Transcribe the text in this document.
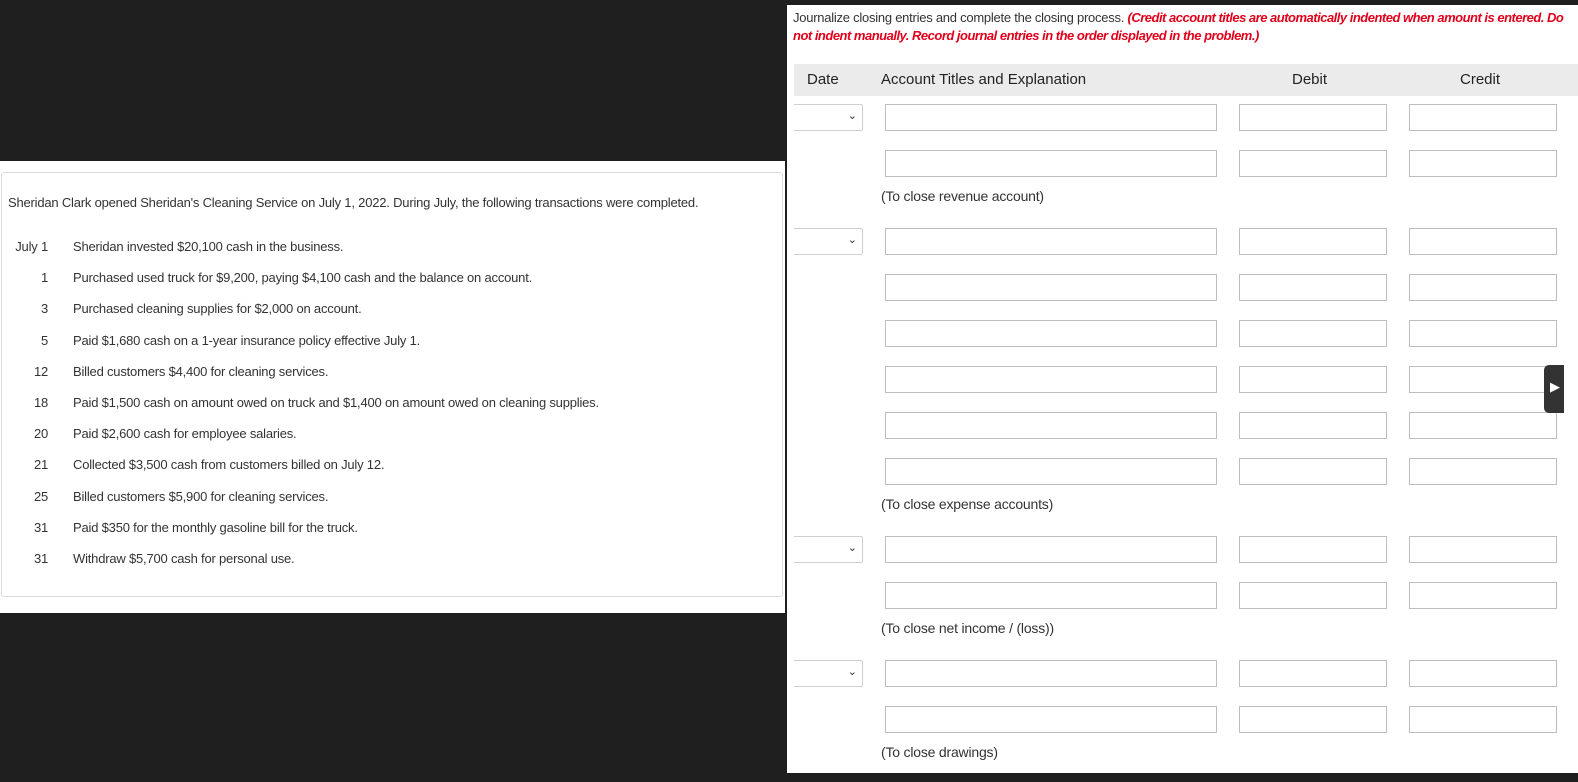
Sheridan Clark opened Sheridan's Cleaning Service on July 1, 2022. During July, the following transactions were completed.
July 1 Sheridan invested $20,100 cash in the business.
1 Purchased used truck for $9,200, paying $4,100 cash and the balance on account.
3 Purchased cleaning supplies for $2,000 on account.
5 Paid $1,680 cash on a 1-year insurance policy effective July 1.
12 Billed customers $4,400 for cleaning services.
18 Paid $1,500 cash on amount owed on truck and $1,400 on amount owed on cleaning supplies.
20 Paid $2,600 cash for employee salaries.
21 Collected $3,500 cash from customers billed on July 12.
25 Billed customers $5,900 for cleaning services.
31 Paid $350 for the monthly gasoline bill for the truck.
31 Withdraw $5,700 cash for personal use.
Journalize closing entries and complete the closing process. (Credit account titles are automatically indented when amount is entered. Do not indent manually. Record journal entries in the order displayed in the problem.)
Date	Account Titles and Explanation	Debit	Credit
⌄
(To close revenue account)
⌄
(To close expense accounts)
⌄
(To close net income / (loss))
⌄
(To close drawings)
▶
